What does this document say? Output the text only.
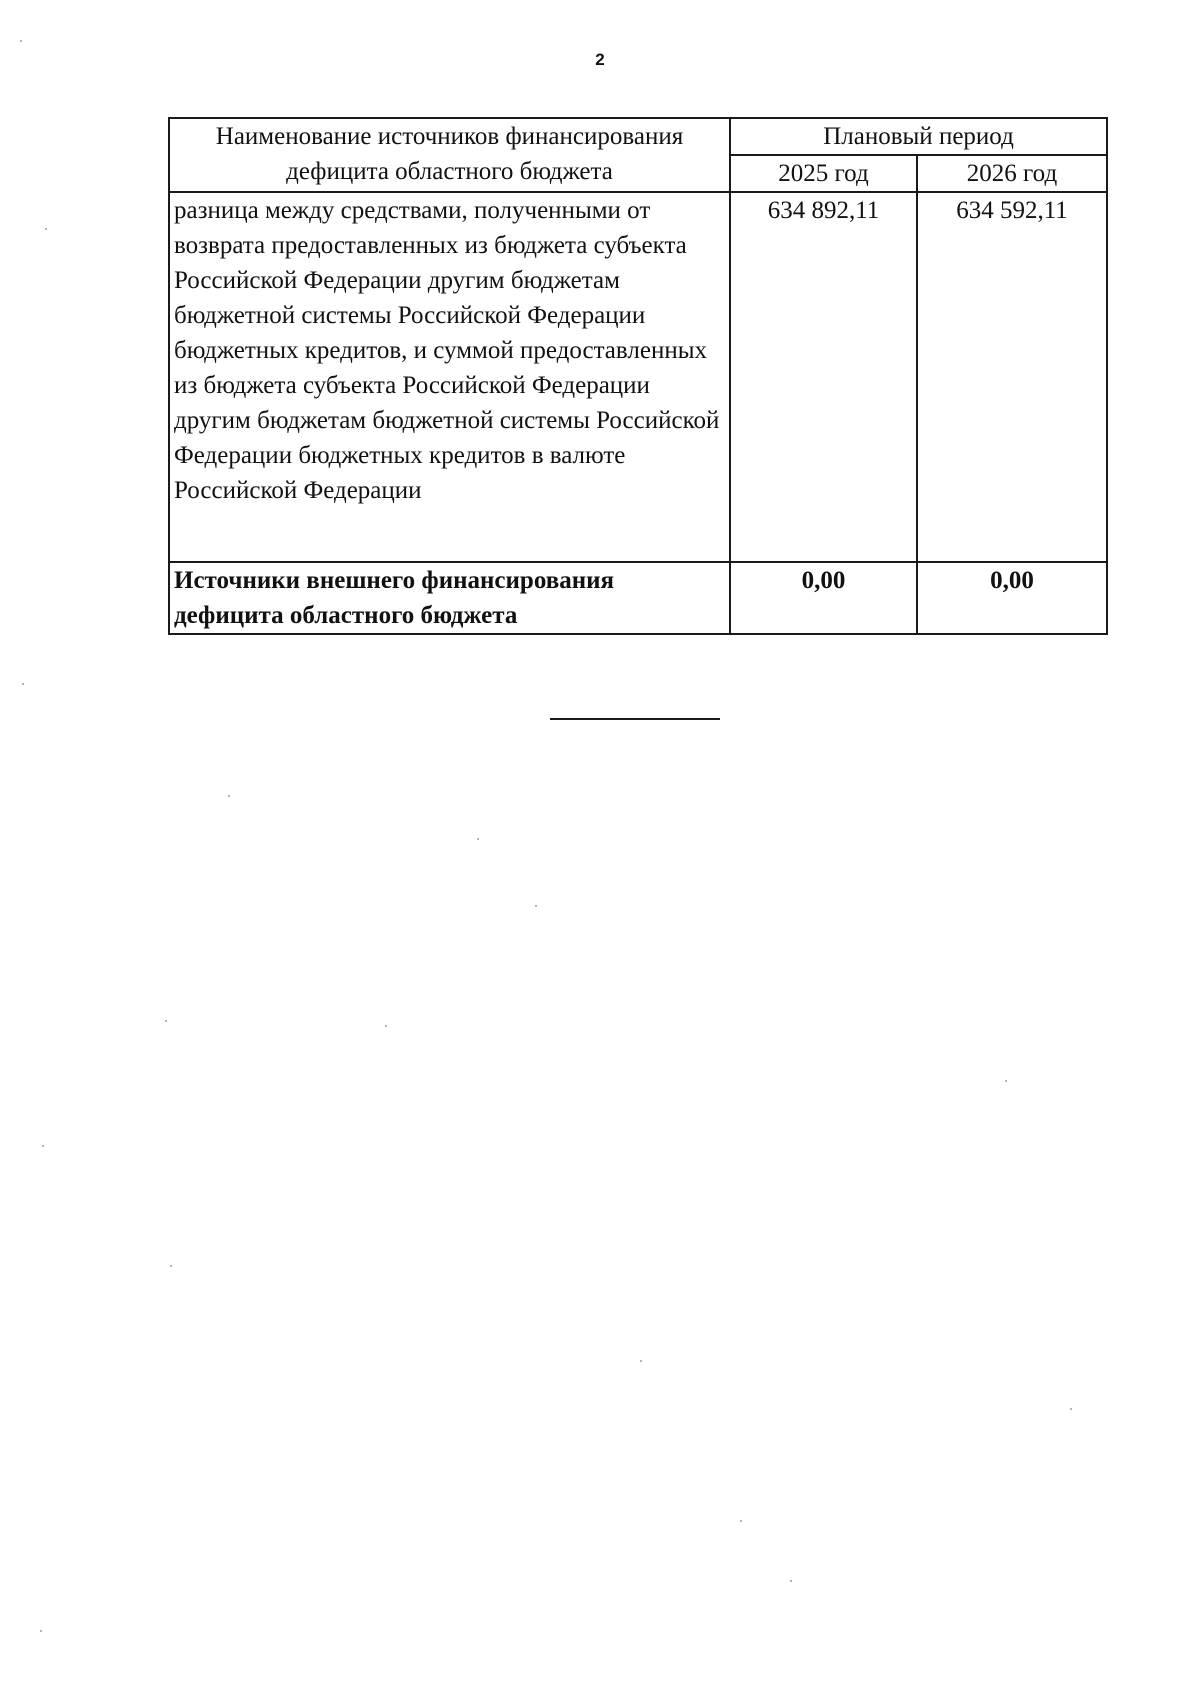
2
Наименование источников финансирования дефицита областного бюджета	Плановый период	
	2025 год	2026 год
разница между средствами, полученными от возврата предоставленных из бюджета субъекта Российской Федерации другим бюджетам бюджетной системы Российской Федерации бюджетных кредитов, и суммой предоставленных из бюджета субъекта Российской Федерации другим бюджетам бюджетной системы Российской Федерации бюджетных кредитов в валюте Российской Федерации	634 892,11	634 592,11
Источники внешнего финансирования дефицита областного бюджета	0,00	0,00
